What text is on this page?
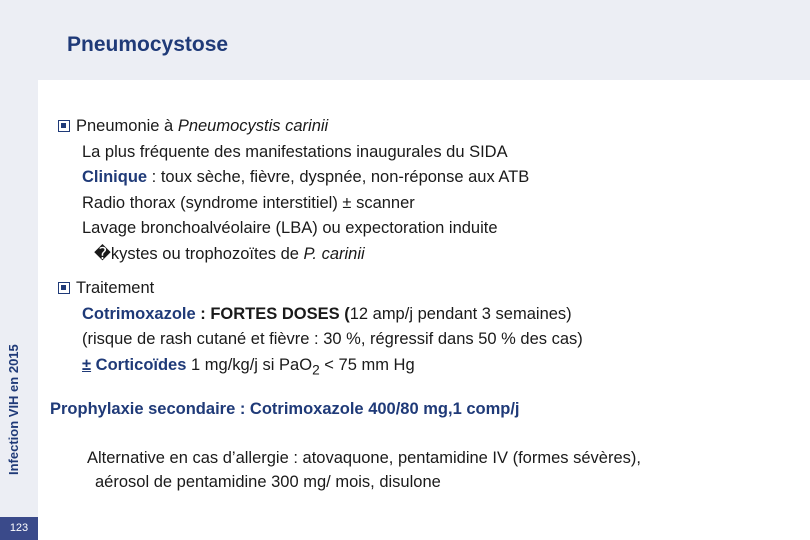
Pneumocystose
Infection VIH en 2015
123
Pneumonie à Pneumocystis carinii
La plus fréquente des manifestations inaugurales du SIDA
Clinique : toux sèche, fièvre, dyspnée, non-réponse aux ATB
Radio thorax (syndrome interstitiel) ± scanner
Lavage bronchoalvéolaire (LBA) ou expectoration induite
�kystes ou trophozoïtes de P. carinii
Traitement
Cotrimoxazole : FORTES DOSES (12 amp/j pendant 3 semaines)
(risque de rash cutané et fièvre : 30 %, régressif dans 50 % des cas)
± Corticoïdes 1 mg/kg/j si PaO$_2$ < 75 mm Hg
Prophylaxie secondaire : Cotrimoxazole 400/80 mg,1 comp/j
Alternative en cas d’allergie : atovaquone, pentamidine IV (formes sévères),
aérosol de pentamidine 300 mg/ mois, disulone
